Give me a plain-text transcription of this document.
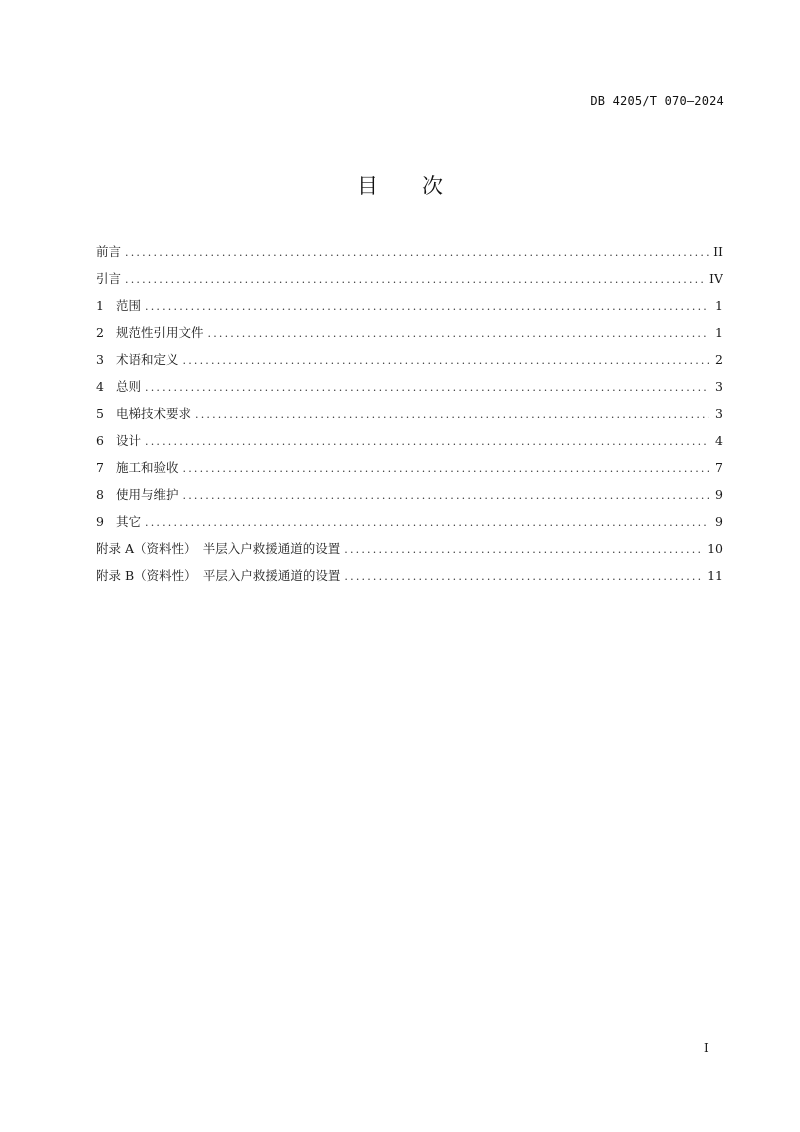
DB 4205/T 070—2024
目 次
前言 .....	II
引言 .....	IV
1 范围 .....	1
2 规范性引用文件 .....	1
3 术语和定义 .....	2
4 总则 .....	3
5 电梯技术要求 .....	3
6 设计 .....	4
7 施工和验收 .....	7
8 使用与维护 .....	9
9 其它 .....	9
附录 A（资料性）　半层入户救援通道的设置 .....	10
附录 B（资料性）　平层入户救援通道的设置 .....	11
I
